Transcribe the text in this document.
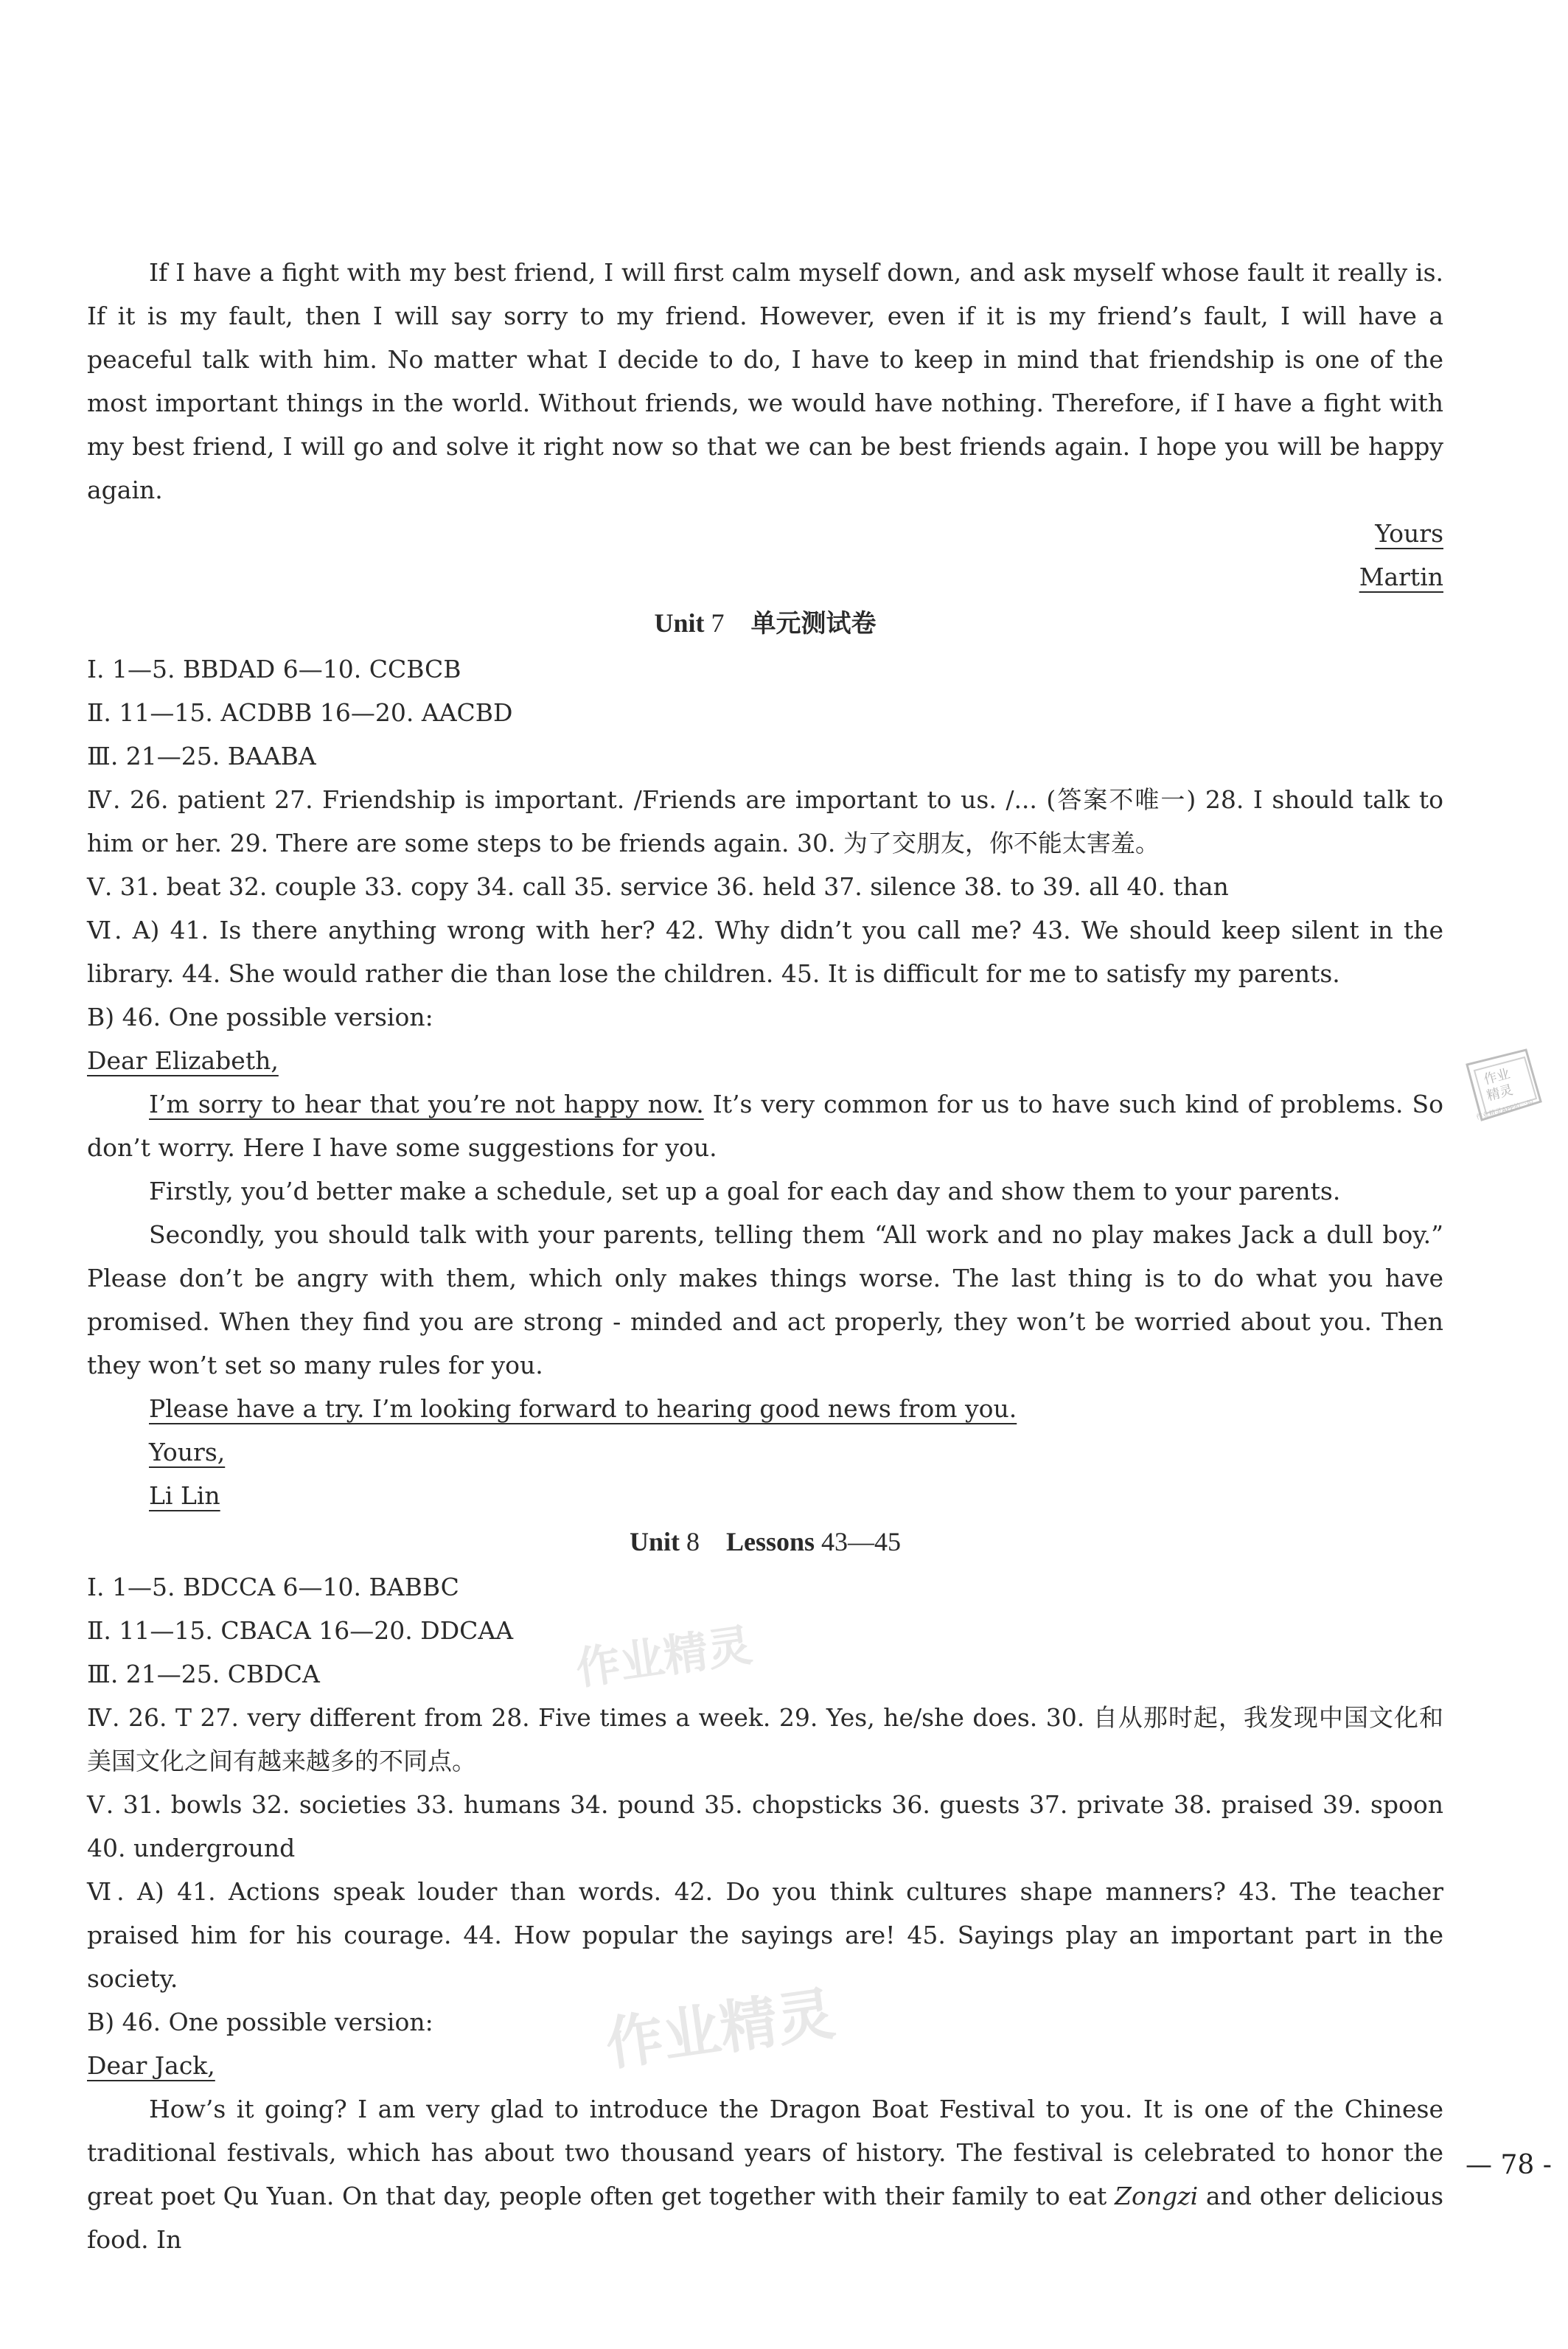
If I have a fight with my best friend, I will first calm myself down, and ask myself whose fault it really is. If it is my fault, then I will say sorry to my friend. However, even if it is my friend’s fault, I will have a peaceful talk with him. No matter what I decide to do, I have to keep in mind that friendship is one of the most important things in the world. Without friends, we would have nothing. Therefore, if I have a fight with my best friend, I will go and solve it right now so that we can be best friends again. I hope you will be happy again.

Yours

Martin

Unit 7 单元测试卷

Ⅰ. 1—5. BBDAD 6—10. CCBCB

Ⅱ. 11—15. ACDBB 16—20. AACBD

Ⅲ. 21—25. BAABA

Ⅳ. 26. patient 27. Friendship is important. /Friends are important to us. /... (答案不唯一) 28. I should talk to him or her. 29. There are some steps to be friends again. 30. 为了交朋友，你不能太害羞。

Ⅴ. 31. beat 32. couple 33. copy 34. call 35. service 36. held 37. silence 38. to 39. all 40. than

Ⅵ. A) 41. Is there anything wrong with her? 42. Why didn’t you call me? 43. We should keep silent in the library. 44. She would rather die than lose the children. 45. It is difficult for me to satisfy my parents.

B) 46. One possible version:

Dear Elizabeth,

I’m sorry to hear that you’re not happy now. It’s very common for us to have such kind of problems. So don’t worry. Here I have some suggestions for you.

Firstly, you’d better make a schedule, set up a goal for each day and show them to your parents.

Secondly, you should talk with your parents, telling them “All work and no play makes Jack a dull boy.” Please don’t be angry with them, which only makes things worse. The last thing is to do what you have promised. When they find you are strong - minded and act properly, they won’t be worried about you. Then they won’t set so many rules for you.

Please have a try. I’m looking forward to hearing good news from you.

Yours,

Li Lin

Unit 8 Lessons 43—45

Ⅰ. 1—5. BDCCA 6—10. BABBC

Ⅱ. 11—15. CBACA 16—20. DDCAA

Ⅲ. 21—25. CBDCA

Ⅳ. 26. T 27. very different from 28. Five times a week. 29. Yes, he/she does. 30. 自从那时起，我发现中国文化和美国文化之间有越来越多的不同点。

Ⅴ. 31. bowls 32. societies 33. humans 34. pound 35. chopsticks 36. guests 37. private 38. praised 39. spoon 40. underground

Ⅵ. A) 41. Actions speak louder than words. 42. Do you think cultures shape manners? 43. The teacher praised him for his courage. 44. How popular the sayings are! 45. Sayings play an important part in the society.

B) 46. One possible version:

Dear Jack,

How’s it going? I am very glad to introduce the Dragon Boat Festival to you. It is one of the Chinese traditional festivals, which has about two thousand years of history. The festival is celebrated to honor the great poet Qu Yuan. On that day, people often get together with their family to eat Zongzi and other delicious food. In

作业精灵
作业精灵
作业
精灵
作业精灵APP拍一拍
— 78 -
